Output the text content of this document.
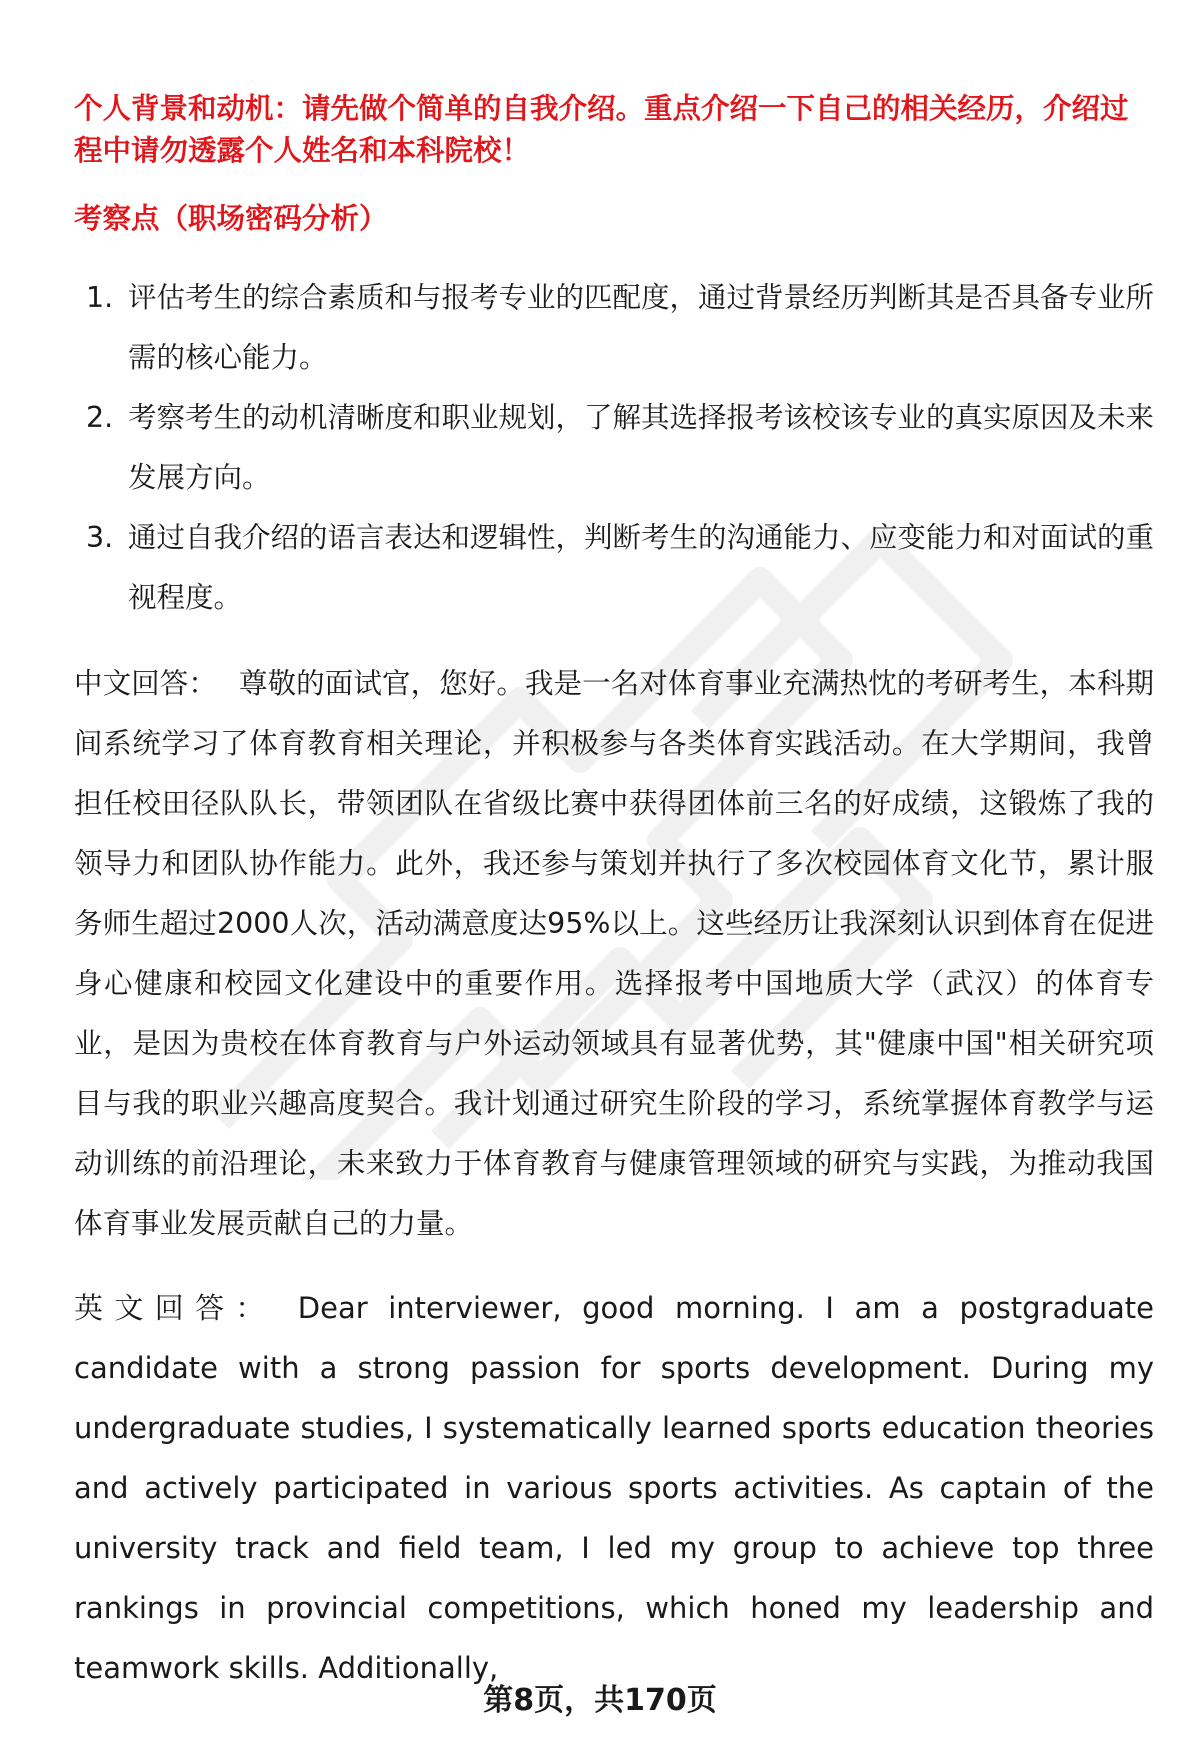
个人背景和动机：请先做个简单的自我介绍。重点介绍一下自己的相关经历，介绍过程中请勿透露个人姓名和本科院校！

考察点（职场密码分析）

1. 评估考生的综合素质和与报考专业的匹配度，通过背景经历判断其是否具备专业所需的核心能力。
2. 考察考生的动机清晰度和职业规划，了解其选择报考该校该专业的真实原因及未来发展方向。
3. 通过自我介绍的语言表达和逻辑性，判断考生的沟通能力、应变能力和对面试的重视程度。

中文回答： 尊敬的面试官，您好。我是一名对体育事业充满热忱的考研考生，本科期间系统学习了体育教育相关理论，并积极参与各类体育实践活动。在大学期间，我曾担任校田径队队长，带领团队在省级比赛中获得团体前三名的好成绩，这锻炼了我的领导力和团队协作能力。此外，我还参与策划并执行了多次校园体育文化节，累计服务师生超过2000人次，活动满意度达95%以上。这些经历让我深刻认识到体育在促进身心健康和校园文化建设中的重要作用。选择报考中国地质大学（武汉）的体育专业，是因为贵校在体育教育与户外运动领域具有显著优势，其"健康中国"相关研究项目与我的职业兴趣高度契合。我计划通过研究生阶段的学习，系统掌握体育教学与运动训练的前沿理论，未来致力于体育教育与健康管理领域的研究与实践，为推动我国体育事业发展贡献自己的力量。

英文回答： Dear interviewer, good morning. I am a postgraduate candidate with a strong passion for sports development. During my undergraduate studies, I systematically learned sports education theories and actively participated in various sports activities. As captain of the university track and field team, I led my group to achieve top three rankings in provincial competitions, which honed my leadership and teamwork skills. Additionally,

第8页，共170页
